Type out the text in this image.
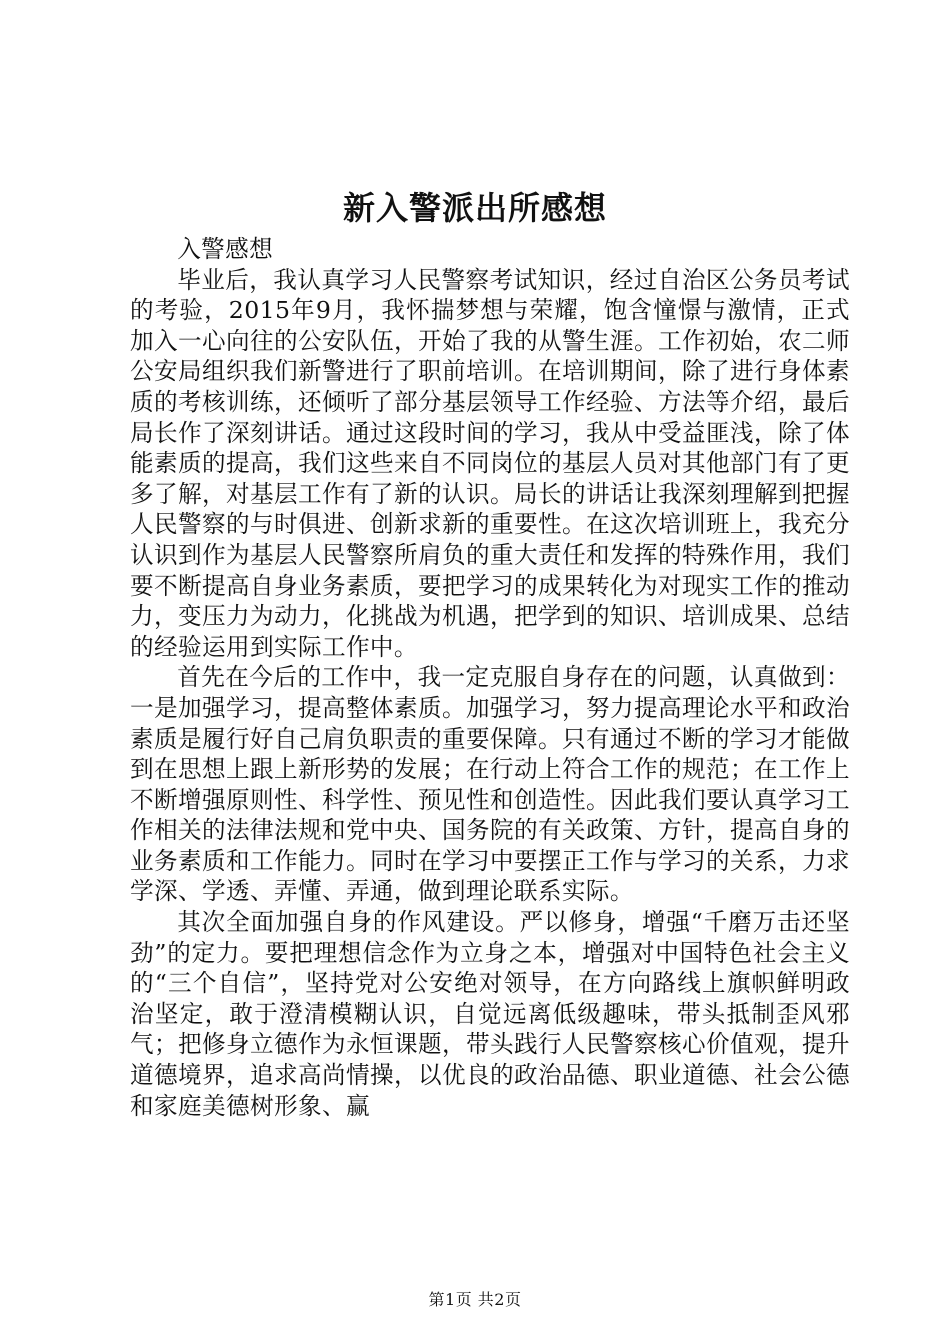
新入警派出所感想

入警感想

毕业后，我认真学习人民警察考试知识，经过自治区公务员考试的考验，2015年9月，我怀揣梦想与荣耀，饱含憧憬与激情，正式加入一心向往的公安队伍，开始了我的从警生涯。工作初始，农二师公安局组织我们新警进行了职前培训。在培训期间，除了进行身体素质的考核训练，还倾听了部分基层领导工作经验、方法等介绍，最后局长作了深刻讲话。通过这段时间的学习，我从中受益匪浅，除了体能素质的提高，我们这些来自不同岗位的基层人员对其他部门有了更多了解，对基层工作有了新的认识。局长的讲话让我深刻理解到把握人民警察的与时俱进、创新求新的重要性。在这次培训班上，我充分认识到作为基层人民警察所肩负的重大责任和发挥的特殊作用，我们要不断提高自身业务素质，要把学习的成果转化为对现实工作的推动力，变压力为动力，化挑战为机遇，把学到的知识、培训成果、总结的经验运用到实际工作中。

首先在今后的工作中，我一定克服自身存在的问题，认真做到：一是加强学习，提高整体素质。加强学习，努力提高理论水平和政治素质是履行好自己肩负职责的重要保障。只有通过不断的学习才能做到在思想上跟上新形势的发展；在行动上符合工作的规范；在工作上不断增强原则性、科学性、预见性和创造性。因此我们要认真学习工作相关的法律法规和党中央、国务院的有关政策、方针，提高自身的业务素质和工作能力。同时在学习中要摆正工作与学习的关系，力求学深、学透、弄懂、弄通，做到理论联系实际。

其次全面加强自身的作风建设。严以修身，增强“千磨万击还坚劲”的定力。要把理想信念作为立身之本，增强对中国特色社会主义的“三个自信”，坚持党对公安绝对领导，在方向路线上旗帜鲜明政治坚定，敢于澄清模糊认识，自觉远离低级趣味，带头抵制歪风邪气；把修身立德作为永恒课题，带头践行人民警察核心价值观，提升道德境界，追求高尚情操，以优良的政治品德、职业道德、社会公德和家庭美德树形象、赢

第1页 共2页
